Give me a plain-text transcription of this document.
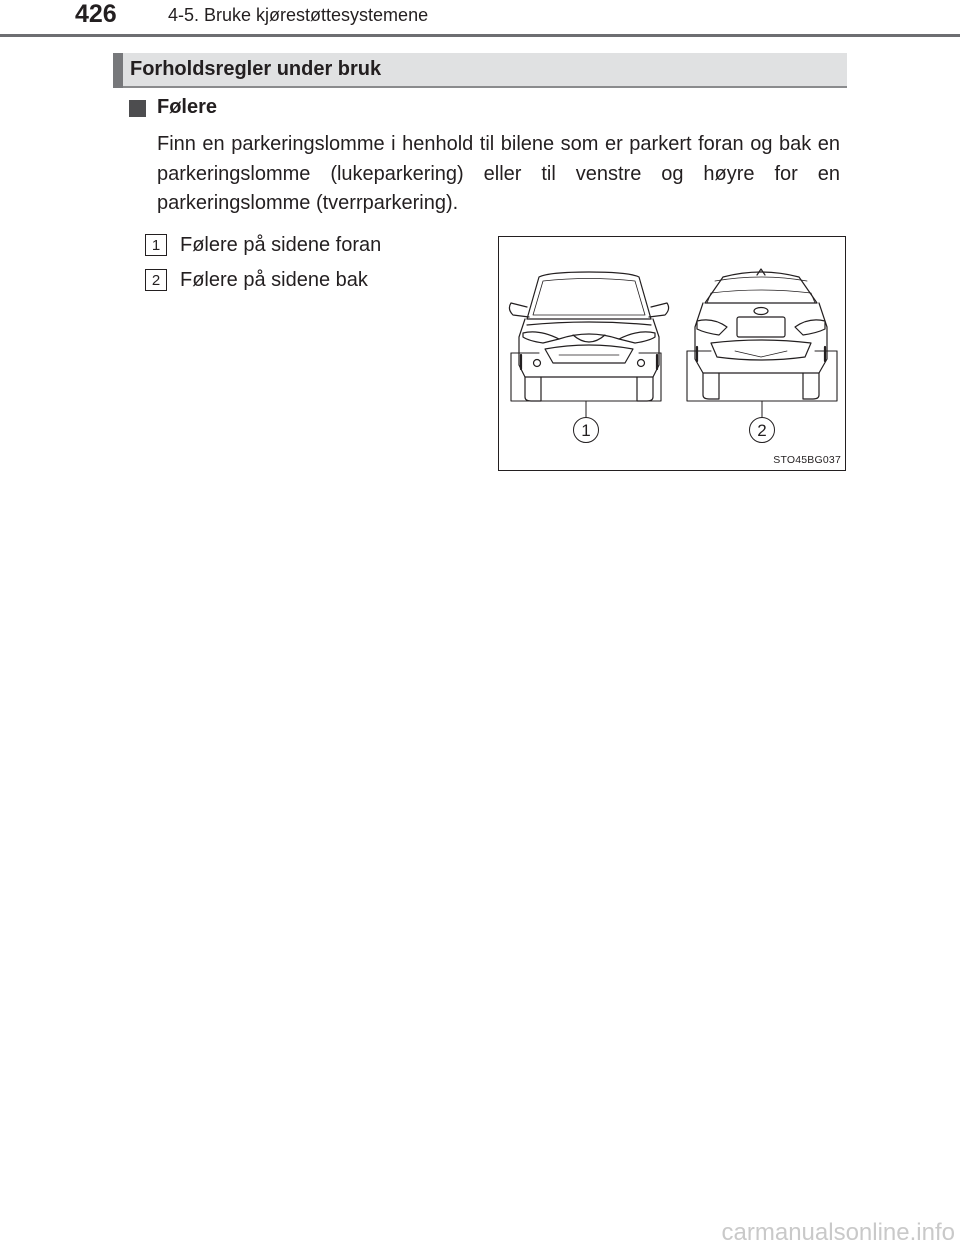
426	4-5. Bruke kjørestøttesystemene
Forholdsregler under bruk
Følere
Finn en parkeringslomme i henhold til bilene som er parkert foran og bak en parkeringslomme (lukeparkering) eller til venstre og høyre for en parkeringslomme (tverrparkering).
1 Følere på sidene foran
2 Følere på sidene bak
1	2
STO45BG037
carmanualsonline.info
